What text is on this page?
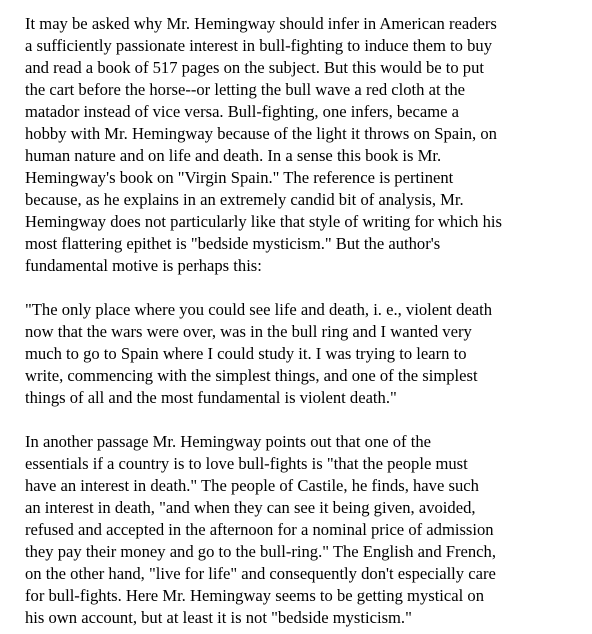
It may be asked why Mr. Hemingway should infer in American readers
a sufficiently passionate interest in bull-fighting to induce them to buy
and read a book of 517 pages on the subject. But this would be to put
the cart before the horse--or letting the bull wave a red cloth at the
matador instead of vice versa. Bull-fighting, one infers, became a
hobby with Mr. Hemingway because of the light it throws on Spain, on
human nature and on life and death. In a sense this book is Mr.
Hemingway's book on "Virgin Spain." The reference is pertinent
because, as he explains in an extremely candid bit of analysis, Mr.
Hemingway does not particularly like that style of writing for which his
most flattering epithet is "bedside mysticism." But the author's
fundamental motive is perhaps this:

"The only place where you could see life and death, i. e., violent death
now that the wars were over, was in the bull ring and I wanted very
much to go to Spain where I could study it. I was trying to learn to
write, commencing with the simplest things, and one of the simplest
things of all and the most fundamental is violent death."

In another passage Mr. Hemingway points out that one of the
essentials if a country is to love bull-fights is "that the people must
have an interest in death." The people of Castile, he finds, have such
an interest in death, "and when they can see it being given, avoided,
refused and accepted in the afternoon for a nominal price of admission
they pay their money and go to the bull-ring." The English and French,
on the other hand, "live for life" and consequently don't especially care
for bull-fights. Here Mr. Hemingway seems to be getting mystical on
his own account, but at least it is not "bedside mysticism."
